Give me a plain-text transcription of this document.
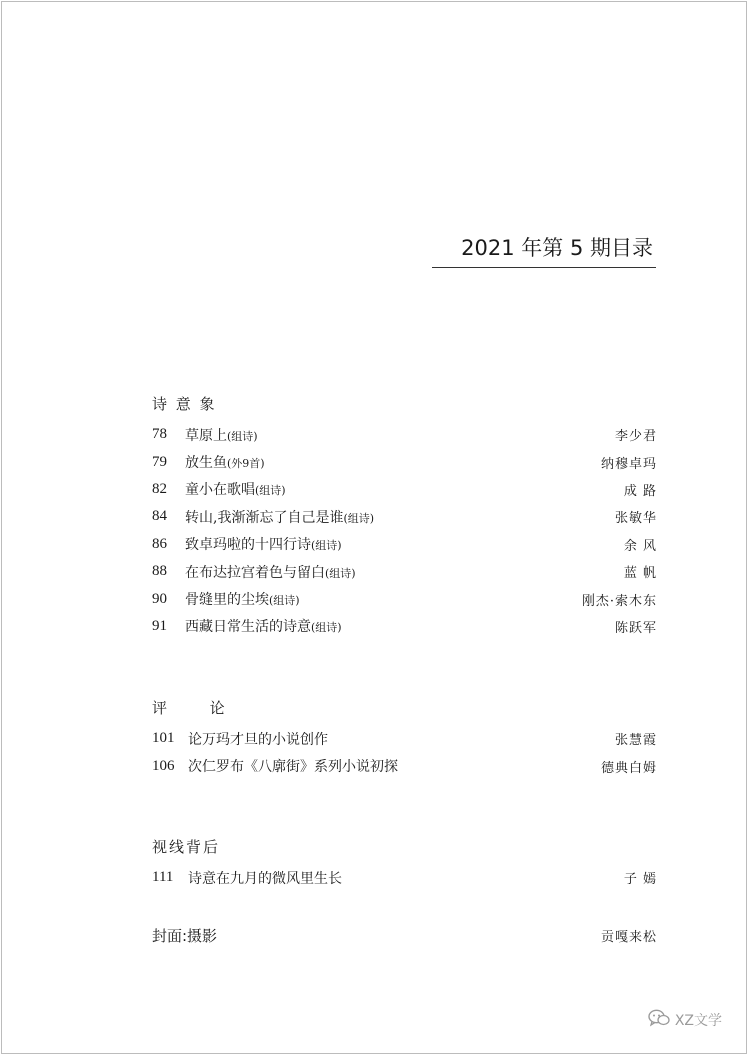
2021 年第 5 期目录
诗 意 象
78	草原上(组诗)	李少君
79	放生鱼(外9首)	纳穆卓玛
82	童小在歌唱(组诗)	成 路
84	转山,我渐渐忘了自己是谁(组诗)	张敏华
86	致卓玛啦的十四行诗(组诗)	余 风
88	在布达拉宫着色与留白(组诗)	蓝 帆
90	骨缝里的尘埃(组诗)	刚杰·索木东
91	西藏日常生活的诗意(组诗)	陈跃军
评      论
101 论万玛才旦的小说创作	张慧霞
106 次仁罗布《八廓街》系列小说初探	德典白姆
视线背后
111	诗意在九月的微风里生长	子 嫣
封面:摄影	贡嘎来松
XZ文学
